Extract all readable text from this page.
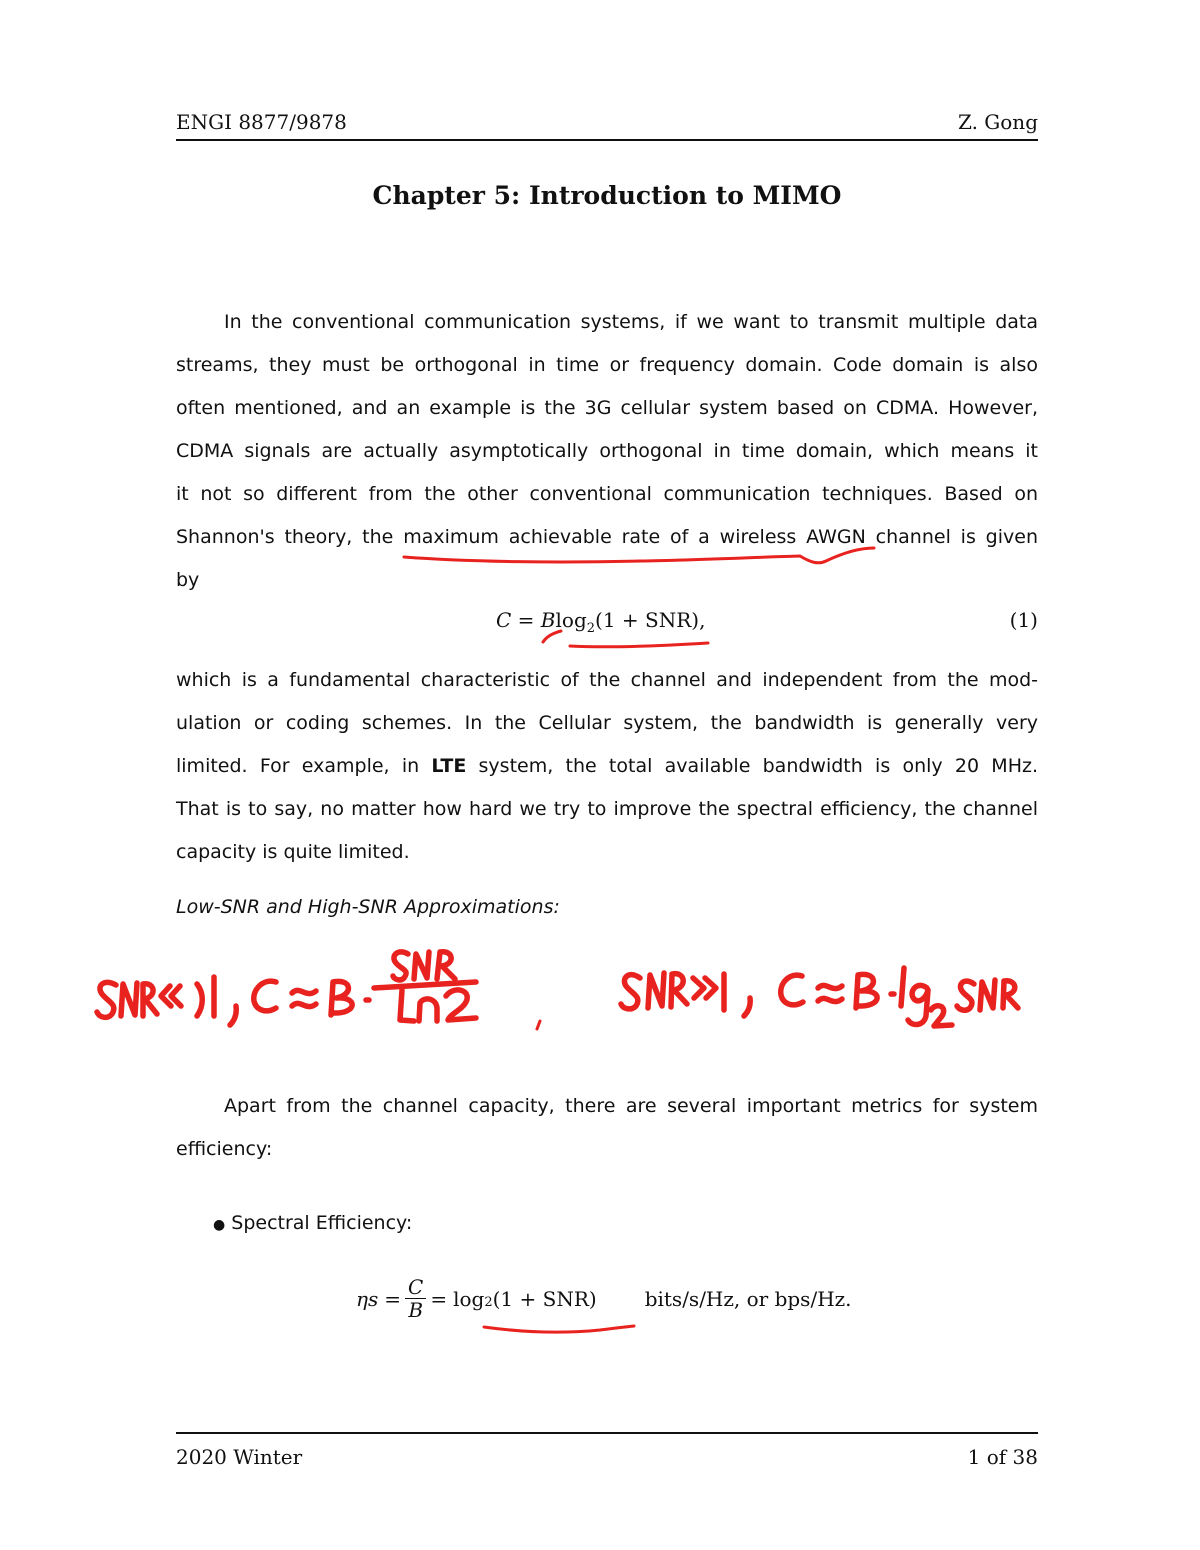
ENGI 8877/9878	Z. Gong
Chapter 5: Introduction to MIMO
In the conventional communication systems, if we want to transmit multiple data
streams, they must be orthogonal in time or frequency domain. Code domain is also
often mentioned, and an example is the 3G cellular system based on CDMA. However,
CDMA signals are actually asymptotically orthogonal in time domain, which means it
it not so different from the other conventional communication techniques. Based on
Shannon's theory, the maximum achievable rate of a wireless AWGN channel is given
by
C = Blog$_2$(1 + SNR),	(1)
which is a fundamental characteristic of the channel and independent from the mod-
ulation or coding schemes. In the Cellular system, the bandwidth is generally very
limited. For example, in LTE system, the total available bandwidth is only 20 MHz.
That is to say, no matter how hard we try to improve the spectral efficiency, the channel
capacity is quite limited.
Low-SNR and High-SNR Approximations:
Apart from the channel capacity, there are several important metrics for system
efficiency:
● Spectral Efficiency:
$\eta s = \frac{C}{B} = \log_2 (1 + SNR)$ bits/s/Hz, or bps/Hz.
2020 Winter	1 of 38
